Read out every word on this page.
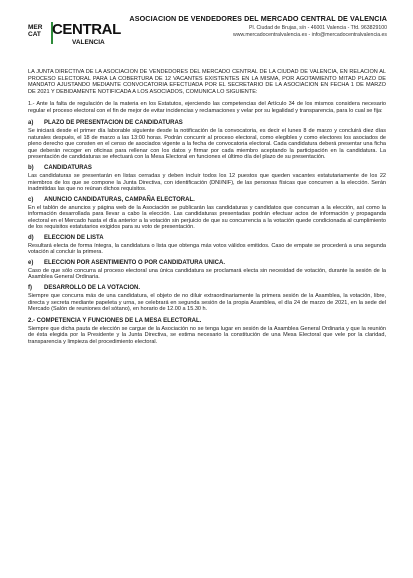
MER CAT CENTRAL
VALENCIA
ASOCIACION DE VENDEDORES DEL MERCADO CENTRAL DE VALENCIA
Pl. Ciudad de Brujas, s/n - 46001 Valencia - Tfd. 963829100
www.mercadocentralvalencia.es - info@mercadocentralvalencia.es

LA JUNTA DIRECTIVA DE LA ASOCIACION DE VENDEDORES DEL MERCADO CENTRAL DE LA CIUDAD DE VALENCIA, EN RELACION AL PROCESO ELECTORAL PARA LA COBERTURA DE 12 VACANTES EXISTENTES EN LA MISMA, POR AGOTAMIENTO MITAD PLAZO DE MANDATO AJUSTANDO MEDIANTE CONVOCATORIA EFECTUADA POR EL SECRETARIO DE LA ASOCIACION EN FECHA 1 DE MARZO DE 2021 Y DEBIDAMENTE NOTIFICADA A LOS ASOCIADOS, COMUNICA LO SIGUIENTE:

1.- Ante la falta de regulación de la materia en los Estatutos, ejerciendo las competencias del Artículo 34 de los mismos considera necesario regular el proceso electoral con el fin de mejor de evitar incidencias y reclamaciones y velar por su legalidad y transparencia, para lo cual se fija:

a)	PLAZO DE PRESENTACION DE CANDIDATURAS

Se iniciará desde el primer día laborable siguiente desde la notificación de la convocatoria, es decir el lunes 8 de marzo y concluirá diez días naturales después, el 18 de marzo a las 13:00 horas. Podrán concurrir al proceso electoral, como elegibles y como electores los asociados de pleno derecho que consten en el censo de asociados vigente a la fecha de convocatoria electoral. Cada candidatura deberá presentar una ficha que deberán recoger en oficinas para rellenar con los datos y firmar por cada miembro aceptando la participación en la candidatura. La presentación de candidaturas se efectuará con la Mesa Electoral en funciones el último día del plazo de su presentación.

b)	CANDIDATURAS

Las candidaturas se presentarán en listas cerradas y deben incluir todos los 12 puestos que queden vacantes estatutariamente de los 22 miembros de los que se compone la Junta Directiva, con identificación (DNI/NIF), de las personas físicas que concurren a la elección. Serán inadmitidas las que no reúnan dichos requisitos.

c)	ANUNCIO CANDIDATURAS, CAMPAÑA ELECTORAL.

En el tablón de anuncios y página web de la Asociación se publicarán las candidaturas y candidatos que concurran a la elección, así como la información desarrollada para llevar a cabo la elección. Las candidaturas presentadas podrán efectuar actos de información y propaganda electoral en el Mercado hasta el día anterior a la votación sin perjuicio de que su concurrencia a la votación quede condicionada al cumplimiento de los requisitos estatutarios exigidos para su voto de presentación.

d)	ELECCION DE LISTA

Resultará electa de forma íntegra, la candidatura o lista que obtenga más votos válidos emitidos. Caso de empate se procederá a una segunda votación al concluir la primera.

e)	ELECCION POR ASENTIMIENTO O POR CANDIDATURA UNICA.

Caso de que sólo concurra al proceso electoral una única candidatura se proclamará electa sin necesidad de votación, durante la sesión de la Asamblea General Ordinaria.

f)	DESARROLLO DE LA VOTACION.

Siempre que concurra más de una candidatura, el objeto de no diluir extraordinariamente la primera sesión de la Asamblea, la votación, libre, directa y secreta mediante papeleta y urna, se celebrará en segunda sesión de la propia Asamblea, el día 24 de marzo de 2021, en la sede del Mercado (Salón de reuniones del sótano), en horario de 12.00 a 15.30 h.

2.- COMPETENCIA Y FUNCIONES DE LA MESA ELECTORAL.

Siempre que dicha pauta de elección se cargue de la Asociación no se tenga lugar en sesión de la Asamblea General Ordinaria y que la reunión de ésta elegida por la Presidente y la Junta Directiva, se estima necesario la constitución de una Mesa Electoral que vele por la claridad, transparencia y limpieza del procedimiento electoral.
